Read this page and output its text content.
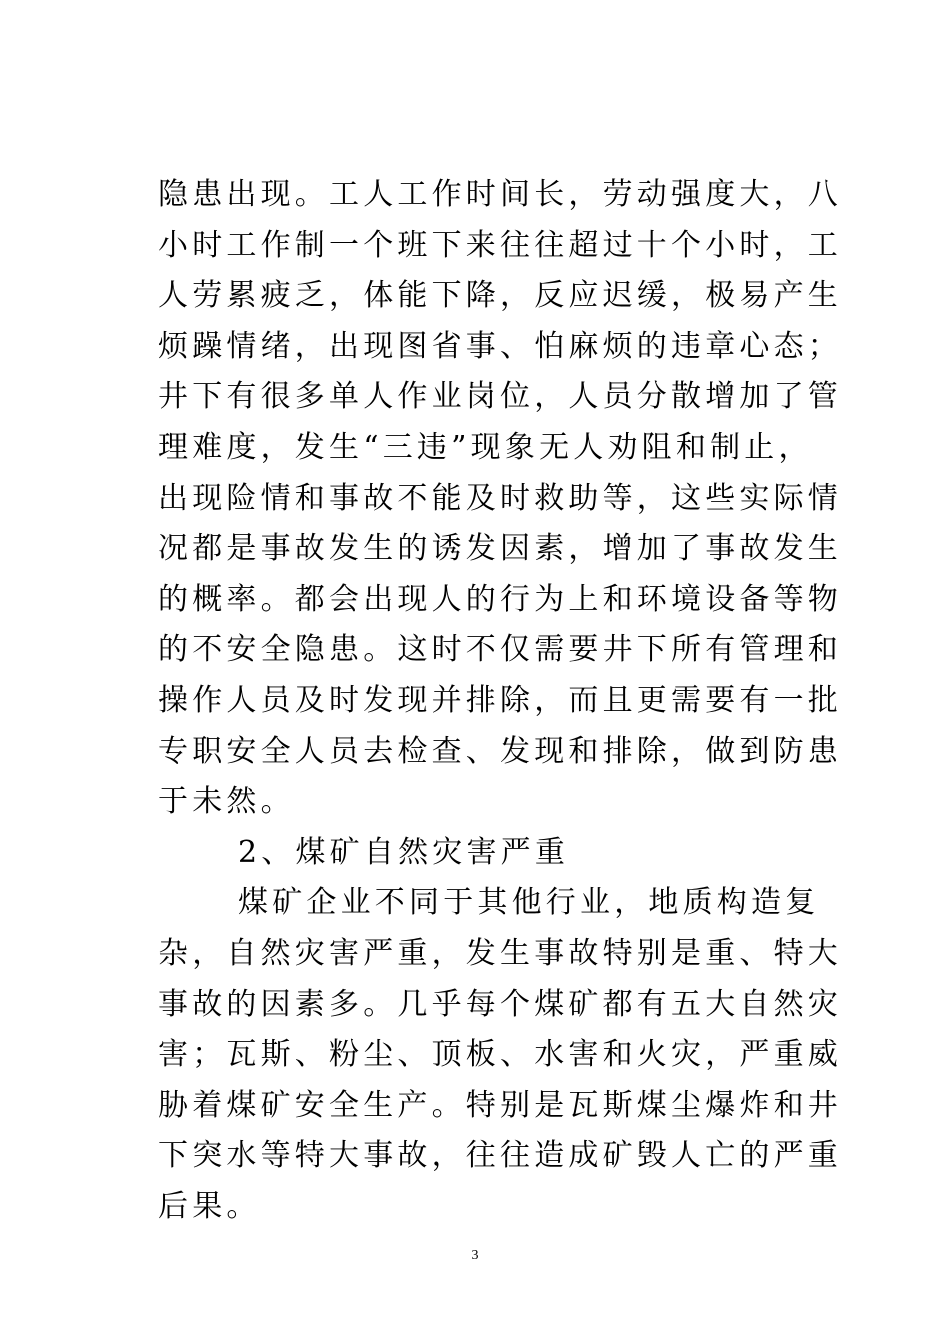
隐患出现。工人工作时间长，劳动强度大，八
小时工作制一个班下来往往超过十个小时，工
人劳累疲乏，体能下降，反应迟缓，极易产生
烦躁情绪，出现图省事、怕麻烦的违章心态；
井下有很多单人作业岗位，人员分散增加了管
理难度，发生“三违”现象无人劝阻和制止，
出现险情和事故不能及时救助等，这些实际情
况都是事故发生的诱发因素，增加了事故发生
的概率。都会出现人的行为上和环境设备等物
的不安全隐患。这时不仅需要井下所有管理和
操作人员及时发现并排除，而且更需要有一批
专职安全人员去检查、发现和排除，做到防患
于未然。
2、煤矿自然灾害严重
煤矿企业不同于其他行业，地质构造复
杂，自然灾害严重，发生事故特别是重、特大
事故的因素多。几乎每个煤矿都有五大自然灾
害；瓦斯、粉尘、顶板、水害和火灾，严重威
胁着煤矿安全生产。特别是瓦斯煤尘爆炸和井
下突水等特大事故，往往造成矿毁人亡的严重
后果。
3
